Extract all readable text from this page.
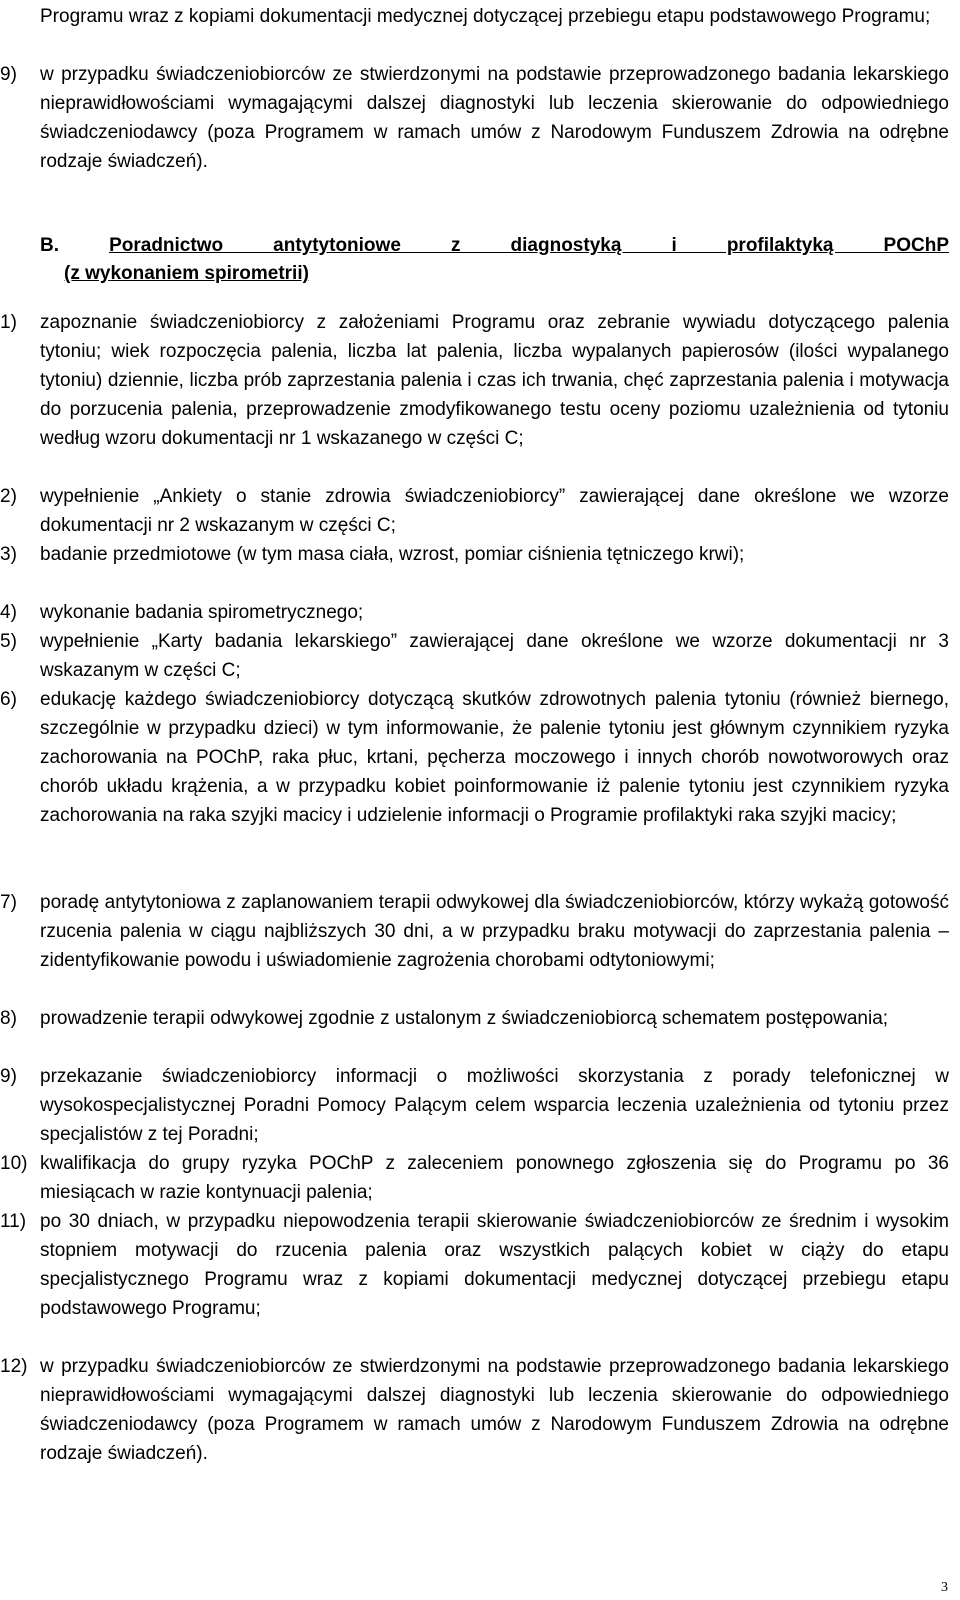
Programu wraz z kopiami dokumentacji medycznej dotyczącej przebiegu etapu podstawowego Programu;

9)	w przypadku świadczeniobiorców ze stwierdzonymi na podstawie przeprowadzonego badania lekarskiego nieprawidłowościami wymagającymi dalszej diagnostyki lub leczenia skierowanie do odpowiedniego świadczeniodawcy (poza Programem w ramach umów z Narodowym Funduszem Zdrowia na odrębne rodzaje świadczeń).
B.	Poradnictwo antytytoniowe z diagnostyką i profilaktyką POChP
(z wykonaniem spirometrii)
1)	zapoznanie świadczeniobiorcy z założeniami Programu oraz zebranie wywiadu dotyczącego palenia tytoniu; wiek rozpoczęcia palenia, liczba lat palenia, liczba wypalanych papierosów (ilości wypalanego tytoniu) dziennie, liczba prób zaprzestania palenia i czas ich trwania, chęć zaprzestania palenia i motywacja do porzucenia palenia, przeprowadzenie zmodyfikowanego testu oceny poziomu uzależnienia od tytoniu według wzoru dokumentacji nr 1 wskazanego w części C;
2)	wypełnienie „Ankiety o stanie zdrowia świadczeniobiorcy” zawierającej dane określone we wzorze dokumentacji nr 2 wskazanym w części C;
3)	badanie przedmiotowe (w tym masa ciała, wzrost, pomiar ciśnienia tętniczego krwi);
4)	wykonanie badania spirometrycznego;
5)	wypełnienie „Karty badania lekarskiego” zawierającej dane określone we wzorze dokumentacji nr 3 wskazanym w części C;
6)	edukację każdego świadczeniobiorcy dotyczącą skutków zdrowotnych palenia tytoniu (również biernego, szczególnie w przypadku dzieci) w tym informowanie, że palenie tytoniu jest głównym czynnikiem ryzyka zachorowania na POChP, raka płuc, krtani, pęcherza moczowego i innych chorób nowotworowych oraz chorób układu krążenia, a w przypadku kobiet poinformowanie iż palenie tytoniu jest czynnikiem ryzyka zachorowania na raka szyjki macicy i udzielenie informacji o Programie profilaktyki raka szyjki macicy;
7)	poradę antytytoniowa z zaplanowaniem terapii odwykowej dla świadczeniobiorców, którzy wykażą gotowość rzucenia palenia w ciągu najbliższych 30 dni, a w przypadku braku motywacji do zaprzestania palenia – zidentyfikowanie powodu i uświadomienie zagrożenia chorobami odtytoniowymi;
8)	prowadzenie terapii odwykowej zgodnie z ustalonym z świadczeniobiorcą schematem postępowania;
9)	przekazanie świadczeniobiorcy informacji o możliwości skorzystania z porady telefonicznej w wysokospecjalistycznej Poradni Pomocy Palącym celem wsparcia leczenia uzależnienia od tytoniu przez specjalistów z tej Poradni;
10) kwalifikacja do grupy ryzyka POChP z zaleceniem ponownego zgłoszenia się do Programu po 36 miesiącach w razie kontynuacji palenia;
11) po 30 dniach, w przypadku niepowodzenia terapii skierowanie świadczeniobiorców ze średnim i wysokim stopniem motywacji do rzucenia palenia oraz wszystkich palących kobiet w ciąży do etapu specjalistycznego Programu wraz z kopiami dokumentacji medycznej dotyczącej przebiegu etapu podstawowego Programu;
12) w przypadku świadczeniobiorców ze stwierdzonymi na podstawie przeprowadzonego badania lekarskiego nieprawidłowościami wymagającymi dalszej diagnostyki lub leczenia skierowanie do odpowiedniego świadczeniodawcy (poza Programem w ramach umów z Narodowym Funduszem Zdrowia na odrębne rodzaje świadczeń).
3
